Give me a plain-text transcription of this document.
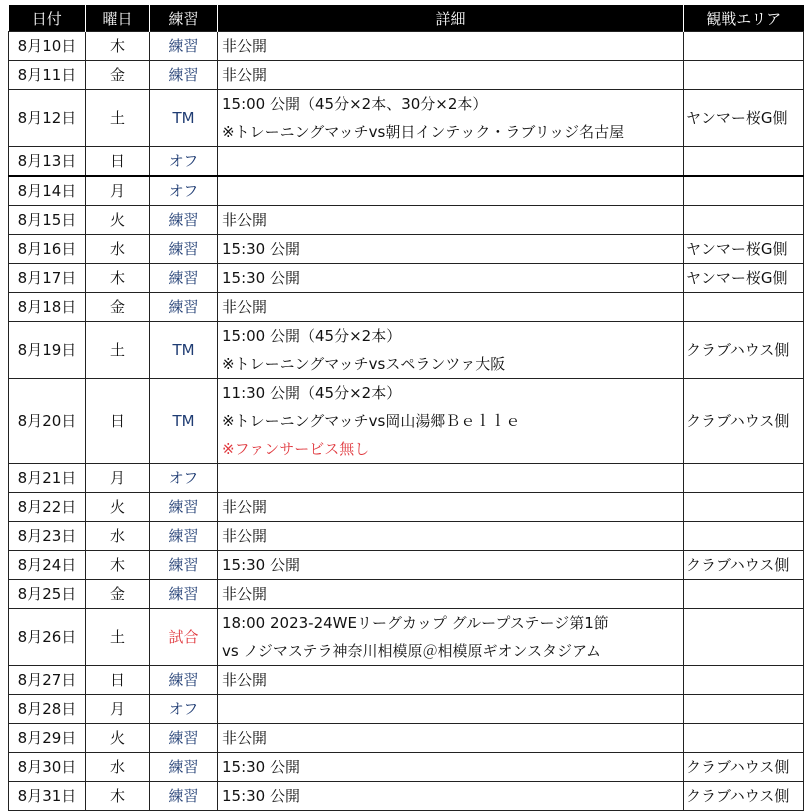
日付	曜日	練習	詳細	観戦エリア
8月10日	木	練習	非公開	

8月11日	金	練習	非公開	

8月12日	土	TM	15:00 公開（45分×2本、30分×2本）
※トレーニングマッチvs朝日インテック・ラブリッジ名古屋	ヤンマー桜G側
8月13日	日	オフ	

8月14日	月	オフ	

8月15日	火	練習	非公開	

8月16日	水	練習	15:30 公開	ヤンマー桜G側
8月17日	木	練習	15:30 公開	ヤンマー桜G側
8月18日	金	練習	非公開	

8月19日	土	TM	15:00 公開（45分×2本）
※トレーニングマッチvsスペランツァ大阪	クラブハウス側
8月20日	日	TM	11:30 公開（45分×2本）
※トレーニングマッチvs岡山湯郷Ｂｅｌｌｅ
※ファンサービス無し	クラブハウス側
8月21日	月	オフ	

8月22日	火	練習	非公開	

8月23日	水	練習	非公開	

8月24日	木	練習	15:30 公開	クラブハウス側
8月25日	金	練習	非公開	

8月26日	土	試合	18:00 2023-24WEリーグカップ グループステージ第1節
vs ノジマステラ神奈川相模原＠相模原ギオンスタジアム	

8月27日	日	練習	非公開	

8月28日	月	オフ	

8月29日	火	練習	非公開	

8月30日	水	練習	15:30 公開	クラブハウス側
8月31日	木	練習	15:30 公開	クラブハウス側
